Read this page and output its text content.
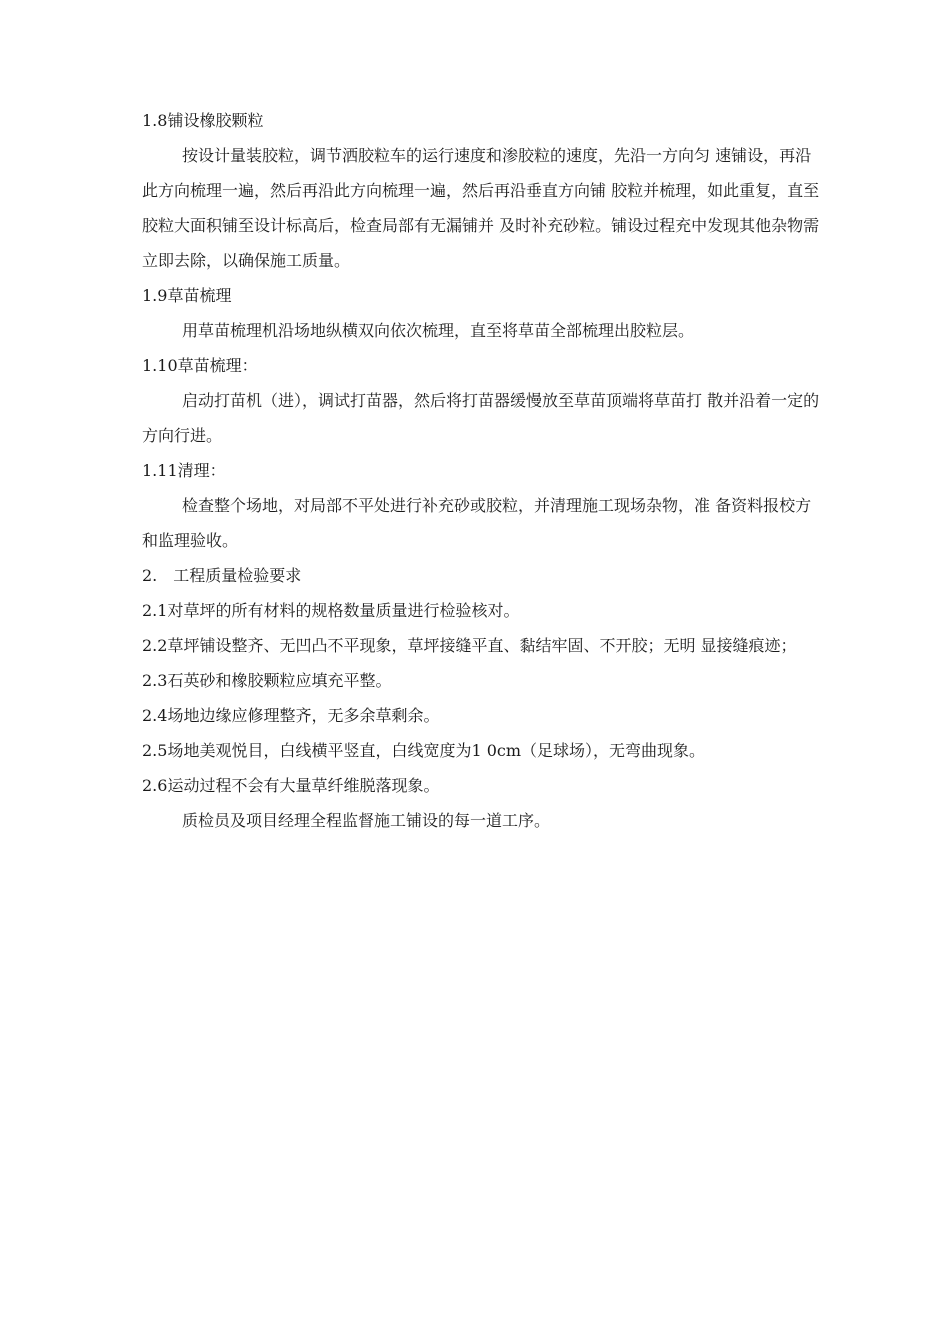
1.8铺设橡胶颗粒

按设计量装胶粒，调节洒胶粒车的运行速度和渗胶粒的速度，先沿一方向匀 速铺设，再沿此方向梳理一遍，然后再沿此方向梳理一遍，然后再沿垂直方向铺 胶粒并梳理，如此重复，直至胶粒大面积铺至设计标高后，检查局部有无漏铺并 及时补充砂粒。铺设过程充中发现其他杂物需立即去除，以确保施工质量。

1.9草苗梳理

用草苗梳理机沿场地纵横双向依次梳理，直至将草苗全部梳理出胶粒层。

1.10草苗梳理：

启动打苗机（进），调试打苗器，然后将打苗器缓慢放至草苗顶端将草苗打 散并沿着一定的方向行进。

1.11清理：

检查整个场地，对局部不平处进行补充砂或胶粒，并清理施工现场杂物，准 备资料报校方和监理验收。

2.　工程质量检验要求

2.1对草坪的所有材料的规格数量质量进行检验核对。

2.2草坪铺设整齐、无凹凸不平现象，草坪接缝平直、黏结牢固、不开胶；无明 显接缝痕迹；

2.3石英砂和橡胶颗粒应填充平整。

2.4场地边缘应修理整齐，无多余草剩余。

2.5场地美观悦目，白线横平竖直，白线宽度为1 0cm（足球场），无弯曲现象。

2.6运动过程不会有大量草纤维脱落现象。

质检员及项目经理全程监督施工铺设的每一道工序。
